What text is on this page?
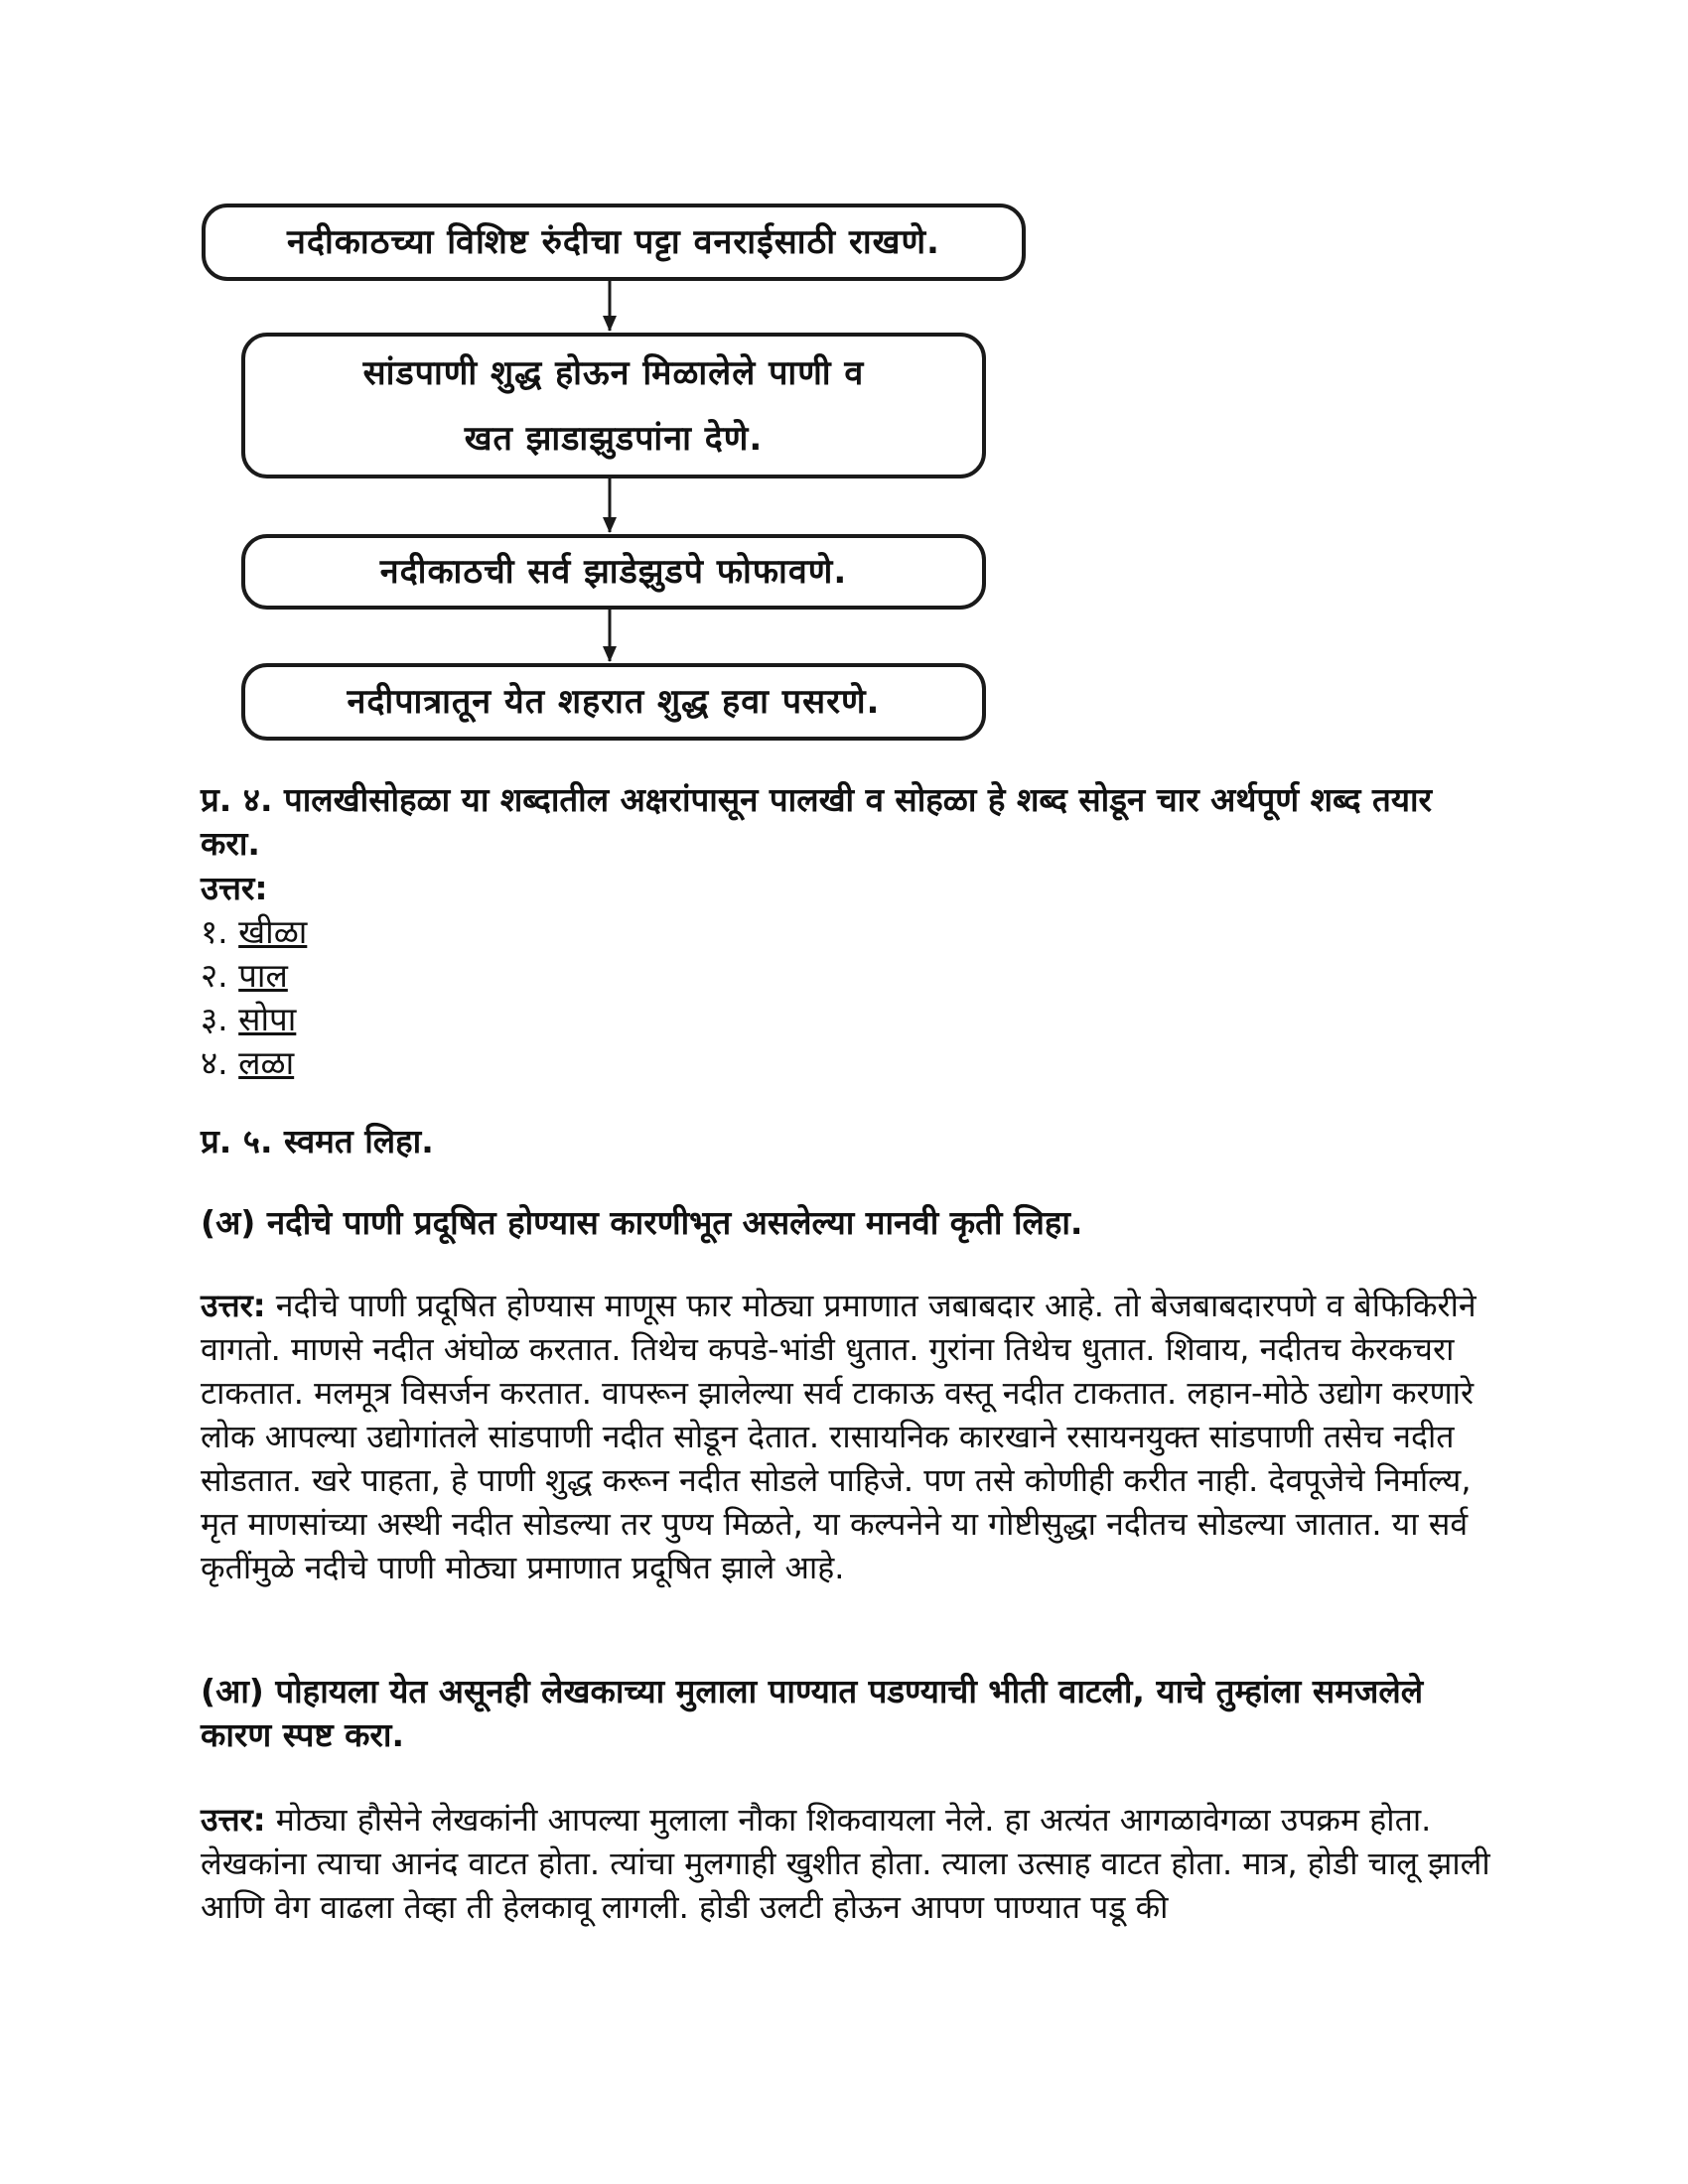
नदीकाठच्या विशिष्ट रुंदीचा पट्टा वनराईसाठी राखणे.
सांडपाणी शुद्ध होऊन मिळालेले पाणी व
खत झाडाझुडपांना देणे.
नदीकाठची सर्व झाडेझुडपे फोफावणे.
नदीपात्रातून येत शहरात शुद्ध हवा पसरणे.
प्र. ४. पालखीसोहळा या शब्दातील अक्षरांपासून पालखी व सोहळा हे शब्द सोडून चार अर्थपूर्ण शब्द तयार करा.
उत्तर:
१. खीळा
२. पाल
३. सोपा
४. लळा
प्र. ५. स्वमत लिहा.
(अ) नदीचे पाणी प्रदूषित होण्यास कारणीभूत असलेल्या मानवी कृती लिहा.
उत्तर: नदीचे पाणी प्रदूषित होण्यास माणूस फार मोठ्या प्रमाणात जबाबदार आहे. तो बेजबाबदारपणे व बेफिकिरीने वागतो. माणसे नदीत अंघोळ करतात. तिथेच कपडे-भांडी धुतात. गुरांना तिथेच धुतात. शिवाय, नदीतच केरकचरा टाकतात. मलमूत्र विसर्जन करतात. वापरून झालेल्या सर्व टाकाऊ वस्तू नदीत टाकतात. लहान-मोठे उद्योग करणारे लोक आपल्या उद्योगांतले सांडपाणी नदीत सोडून देतात. रासायनिक कारखाने रसायनयुक्त सांडपाणी तसेच नदीत सोडतात. खरे पाहता, हे पाणी शुद्ध करून नदीत सोडले पाहिजे. पण तसे कोणीही करीत नाही. देवपूजेचे निर्माल्य, मृत माणसांच्या अस्थी नदीत सोडल्या तर पुण्य मिळते, या कल्पनेने या गोष्टीसुद्धा नदीतच सोडल्या जातात. या सर्व कृतींमुळे नदीचे पाणी मोठ्या प्रमाणात प्रदूषित झाले आहे.
(आ) पोहायला येत असूनही लेखकाच्या मुलाला पाण्यात पडण्याची भीती वाटली, याचे तुम्हांला समजलेले कारण स्पष्ट करा.
उत्तर: मोठ्या हौसेने लेखकांनी आपल्या मुलाला नौका शिकवायला नेले. हा अत्यंत आगळावेगळा उपक्रम होता. लेखकांना त्याचा आनंद वाटत होता. त्यांचा मुलगाही खुशीत होता. त्याला उत्साह वाटत होता. मात्र, होडी चालू झाली आणि वेग वाढला तेव्हा ती हेलकावू लागली. होडी उलटी होऊन आपण पाण्यात पडू की
